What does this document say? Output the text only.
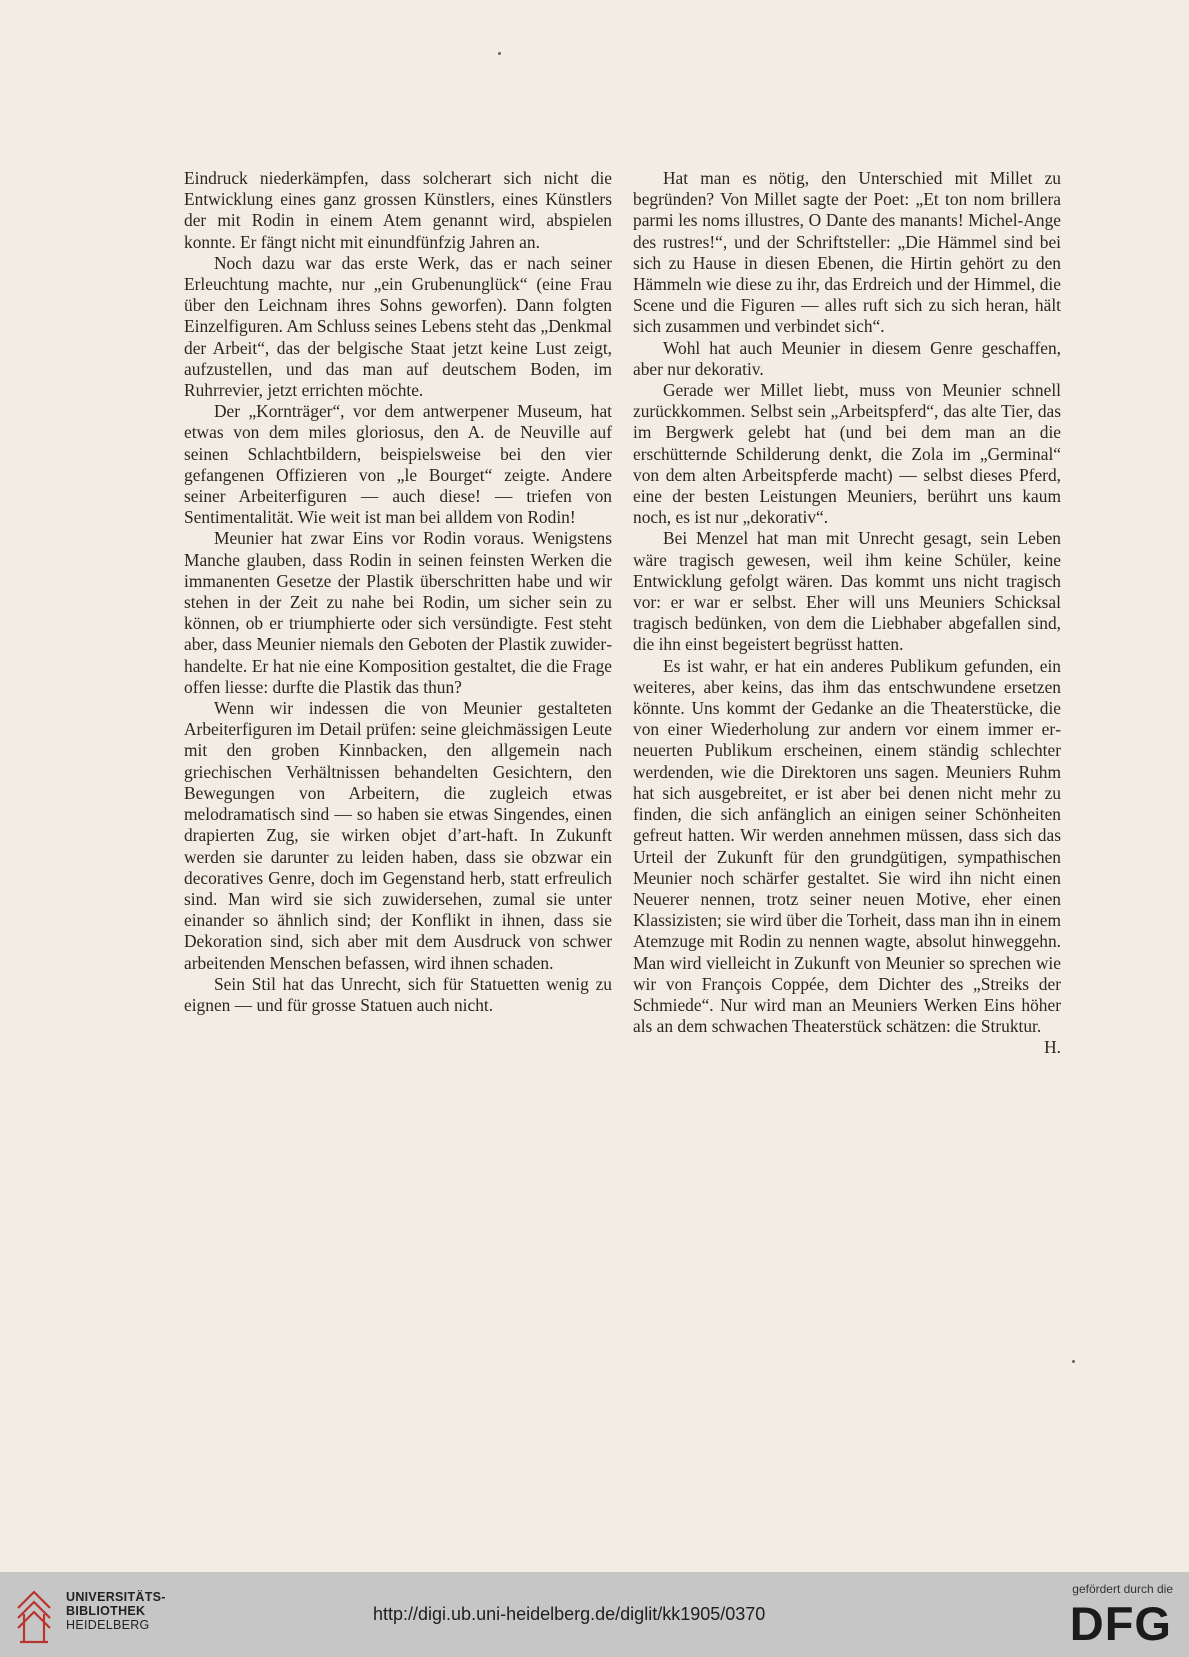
Eindruck niederkämpfen, dass solcherart sich nicht die Entwicklung eines ganz grossen Künstlers, eines Künstlers der mit Rodin in einem Atem genannt wird, abspielen konnte. Er fängt nicht mit einundfünfzig Jahren an.

Noch dazu war das erste Werk, das er nach seiner Erleuchtung machte, nur „ein Grubenunglück“ (eine Frau über den Leichnam ihres Sohns geworfen). Dann folgten Einzelfiguren. Am Schluss seines Lebens steht das „Denkmal der Arbeit“, das der belgische Staat jetzt keine Lust zeigt, aufzustellen, und das man auf deutschem Boden, im Ruhrrevier, jetzt errichten möchte.

Der „Kornträger“, vor dem antwerpener Museum, hat etwas von dem miles gloriosus, den A. de Neuville auf seinen Schlachtbildern, beispielsweise bei den vier gefangenen Offizieren von „le Bourget“ zeigte. Andere seiner Arbeiterfiguren — auch diese! — triefen von Sentimentalität. Wie weit ist man bei alldem von Rodin!

Meunier hat zwar Eins vor Rodin voraus. Wenigstens Manche glauben, dass Rodin in seinen feinsten Werken die immanenten Gesetze der Plastik überschritten habe und wir stehen in der Zeit zu nahe bei Rodin, um sicher sein zu können, ob er triumphierte oder sich versündigte. Fest steht aber, dass Meunier niemals den Geboten der Plastik zuwiderhandelte. Er hat nie eine Komposition gestaltet, die die Frage offen liesse: durfte die Plastik das thun?

Wenn wir indessen die von Meunier gestalteten Arbeiterfiguren im Detail prüfen: seine gleichmässigen Leute mit den groben Kinnbacken, den allgemein nach griechischen Verhältnissen behandelten Gesichtern, den Bewegungen von Arbeitern, die zugleich etwas melodramatisch sind — so haben sie etwas Singendes, einen drapierten Zug, sie wirken objet d’art-haft. In Zukunft werden sie darunter zu leiden haben, dass sie obzwar ein decoratives Genre, doch im Gegenstand herb, statt erfreulich sind. Man wird sie sich zuwidersehen, zumal sie unter einander so ähnlich sind; der Konflikt in ihnen, dass sie Dekoration sind, sich aber mit dem Ausdruck von schwer arbeitenden Menschen befassen, wird ihnen schaden.

Sein Stil hat das Unrecht, sich für Statuetten wenig zu eignen — und für grosse Statuen auch nicht.

Hat man es nötig, den Unterschied mit Millet zu begründen? Von Millet sagte der Poet: „Et ton nom brillera parmi les noms illustres, O Dante des manants! Michel-Ange des rustres!“, und der Schriftsteller: „Die Hämmel sind bei sich zu Hause in diesen Ebenen, die Hirtin gehört zu den Hämmeln wie diese zu ihr, das Erdreich und der Himmel, die Scene und die Figuren — alles ruft sich zu sich heran, hält sich zusammen und verbindet sich“.

Wohl hat auch Meunier in diesem Genre geschaffen, aber nur dekorativ.

Gerade wer Millet liebt, muss von Meunier schnell zurückkommen. Selbst sein „Arbeitspferd“, das alte Tier, das im Bergwerk gelebt hat (und bei dem man an die erschütternde Schilderung denkt, die Zola im „Germinal“ von dem alten Arbeitspferde macht) — selbst dieses Pferd, eine der besten Leistungen Meuniers, berührt uns kaum noch, es ist nur „dekorativ“.

Bei Menzel hat man mit Unrecht gesagt, sein Leben wäre tragisch gewesen, weil ihm keine Schüler, keine Entwicklung gefolgt wären. Das kommt uns nicht tragisch vor: er war er selbst. Eher will uns Meuniers Schicksal tragisch bedünken, von dem die Liebhaber abgefallen sind, die ihn einst begeistert begrüsst hatten.

Es ist wahr, er hat ein anderes Publikum gefunden, ein weiteres, aber keins, das ihm das entschwundene ersetzen könnte. Uns kommt der Gedanke an die Theaterstücke, die von einer Wiederholung zur andern vor einem immer erneuerten Publikum erscheinen, einem ständig schlechter werdenden, wie die Direktoren uns sagen. Meuniers Ruhm hat sich ausgebreitet, er ist aber bei denen nicht mehr zu finden, die sich anfänglich an einigen seiner Schönheiten gefreut hatten. Wir werden annehmen müssen, dass sich das Urteil der Zukunft für den grundgütigen, sympathischen Meunier noch schärfer gestaltet. Sie wird ihn nicht einen Neuerer nennen, trotz seiner neuen Motive, eher einen Klassizisten; sie wird über die Torheit, dass man ihn in einem Atemzuge mit Rodin zu nennen wagte, absolut hinweggehn. Man wird vielleicht in Zukunft von Meunier so sprechen wie wir von François Coppée, dem Dichter des „Streiks der Schmiede“. Nur wird man an Meuniers Werken Eins höher als an dem schwachen Theaterstück schätzen: die Struktur.
H.

UNIVERSITÄTS-
BIBLIOTHEK
HEIDELBERG
http://digi.ub.uni-heidelberg.de/diglit/kk1905/0370
gefördert durch die
DFG
